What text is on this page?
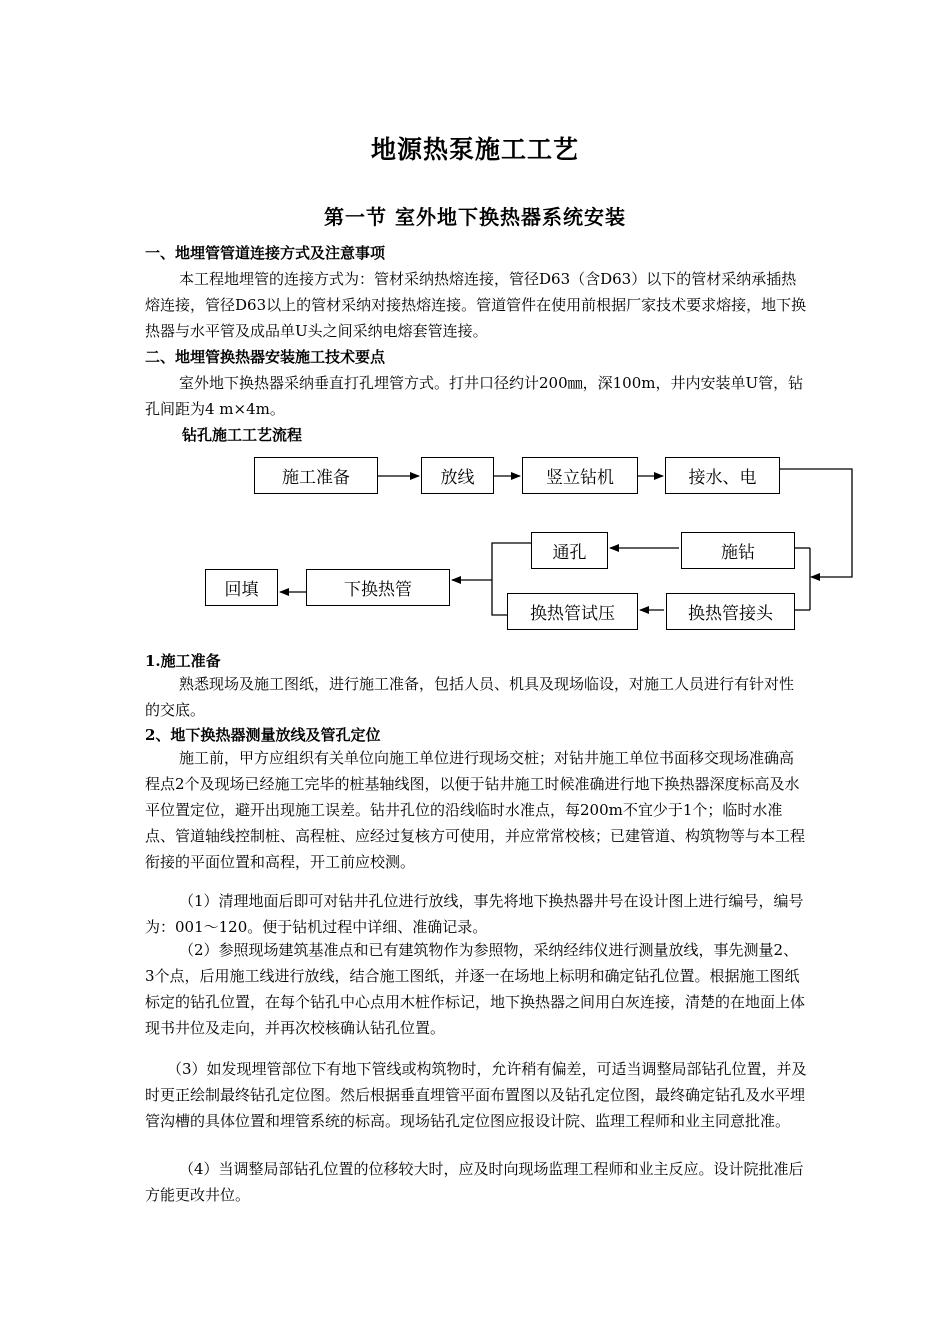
地源热泵施工工艺
第一节 室外地下换热器系统安装
一、地埋管管道连接方式及注意事项

本工程地埋管的连接方式为：管材采纳热熔连接，管径D63（含D63）以下的管材采纳承插热熔连接，管径D63以上的管材采纳对接热熔连接。管道管件在使用前根据厂家技术要求熔接，地下换热器与水平管及成品单U头之间采纳电熔套管连接。

二、地埋管换热器安装施工技术要点

室外地下换热器采纳垂直打孔埋管方式。打井口径约计200㎜，深100m，井内安装单U管，钻孔间距为4 m×4m。

钻孔施工工艺流程
施工准备	放线	竖立钻机	接水、电
施钻
通孔
换热管接头
换热管试压
下换热管
回填
1.施工准备

熟悉现场及施工图纸，进行施工准备，包括人员、机具及现场临设，对施工人员进行有针对性的交底。

2、地下换热器测量放线及管孔定位

施工前，甲方应组织有关单位向施工单位进行现场交桩；对钻井施工单位书面移交现场准确高程点2个及现场已经施工完毕的桩基轴线图，以便于钻井施工时候准确进行地下换热器深度标高及水平位置定位，避开出现施工误差。钻井孔位的沿线临时水准点，每200m不宜少于1个；临时水准点、管道轴线控制桩、高程桩、应经过复核方可使用，并应常常校核；已建管道、构筑物等与本工程衔接的平面位置和高程，开工前应校测。

（1）清理地面后即可对钻井孔位进行放线，事先将地下换热器井号在设计图上进行编号，编号为：001～120。便于钻机过程中详细、准确记录。

（2）参照现场建筑基准点和已有建筑物作为参照物，采纳经纬仪进行测量放线，事先测量2、3个点，后用施工线进行放线，结合施工图纸，并逐一在场地上标明和确定钻孔位置。根据施工图纸标定的钻孔位置，在每个钻孔中心点用木桩作标记，地下换热器之间用白灰连接，清楚的在地面上体现书井位及走向，并再次校核确认钻孔位置。

（3）如发现埋管部位下有地下管线或构筑物时，允许稍有偏差，可适当调整局部钻孔位置，并及时更正绘制最终钻孔定位图。然后根据垂直埋管平面布置图以及钻孔定位图，最终确定钻孔及水平埋管沟槽的具体位置和埋管系统的标高。现场钻孔定位图应报设计院、监理工程师和业主同意批准。

（4）当调整局部钻孔位置的位移较大时，应及时向现场监理工程师和业主反应。设计院批准后方能更改井位。
